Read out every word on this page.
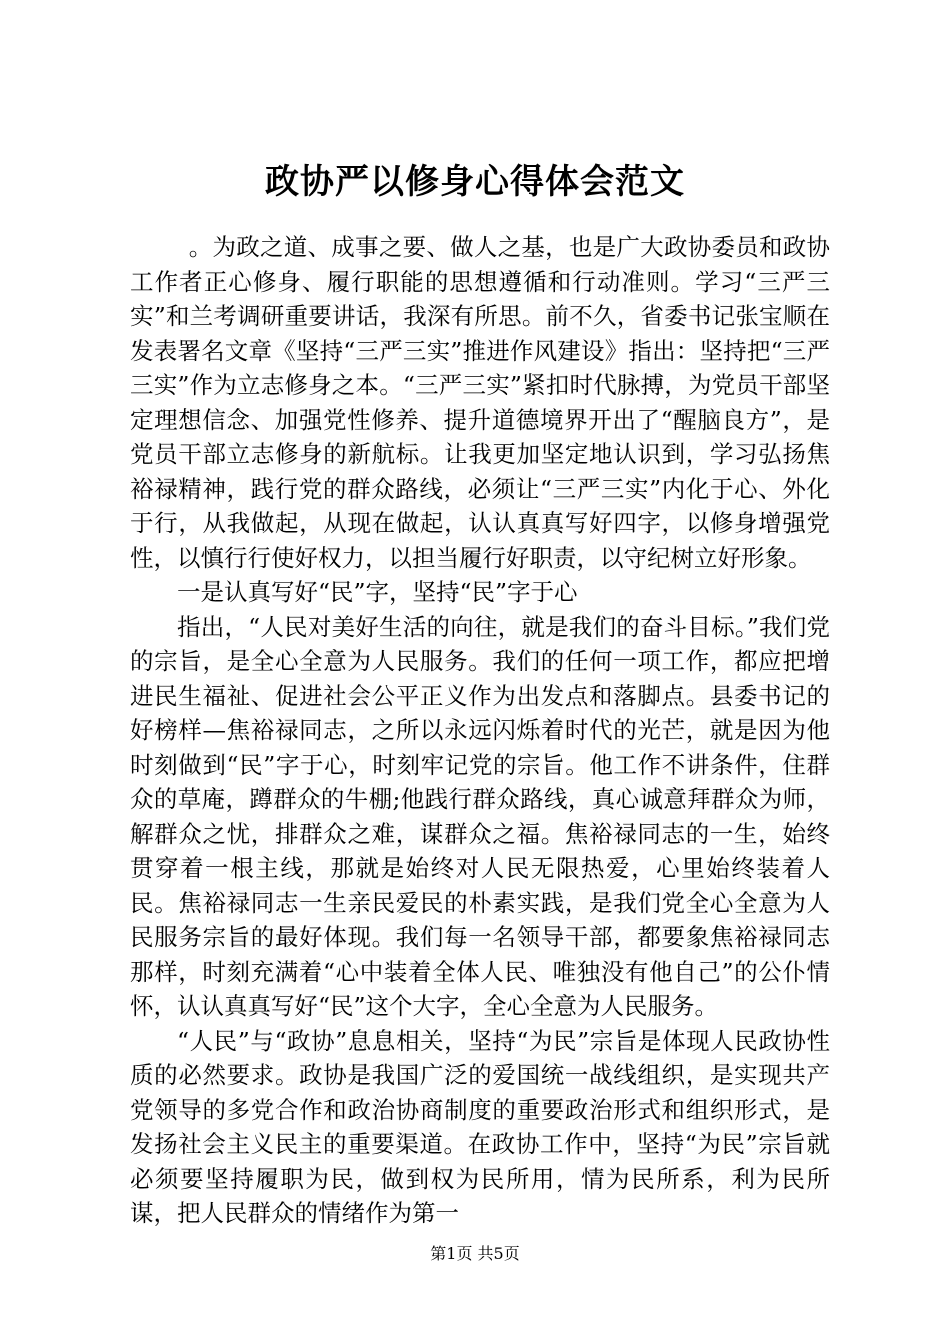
政协严以修身心得体会范文

。为政之道、成事之要、做人之基，也是广大政协委员和政协工作者正心修身、履行职能的思想遵循和行动准则。学习“三严三实”和兰考调研重要讲话，我深有所思。前不久，省委书记张宝顺在发表署名文章《坚持“三严三实”推进作风建设》指出：坚持把“三严三实”作为立志修身之本。“三严三实”紧扣时代脉搏，为党员干部坚定理想信念、加强党性修养、提升道德境界开出了“醒脑良方”，是党员干部立志修身的新航标。让我更加坚定地认识到，学习弘扬焦裕禄精神，践行党的群众路线，必须让“三严三实”内化于心、外化于行，从我做起，从现在做起，认认真真写好四字，以修身增强党性，以慎行行使好权力，以担当履行好职责，以守纪树立好形象。

一是认真写好“民”字，坚持“民”字于心

指出，“人民对美好生活的向往，就是我们的奋斗目标。”我们党的宗旨，是全心全意为人民服务。我们的任何一项工作，都应把增进民生福祉、促进社会公平正义作为出发点和落脚点。县委书记的好榜样—焦裕禄同志，之所以永远闪烁着时代的光芒，就是因为他时刻做到“民”字于心，时刻牢记党的宗旨。他工作不讲条件，住群众的草庵，蹲群众的牛棚;他践行群众路线，真心诚意拜群众为师，解群众之忧，排群众之难，谋群众之福。焦裕禄同志的一生，始终贯穿着一根主线，那就是始终对人民无限热爱，心里始终装着人民。焦裕禄同志一生亲民爱民的朴素实践，是我们党全心全意为人民服务宗旨的最好体现。我们每一名领导干部，都要象焦裕禄同志那样，时刻充满着“心中装着全体人民、唯独没有他自己”的公仆情怀，认认真真写好“民”这个大字，全心全意为人民服务。

“人民”与“政协”息息相关，坚持“为民”宗旨是体现人民政协性质的必然要求。政协是我国广泛的爱国统一战线组织，是实现共产党领导的多党合作和政治协商制度的重要政治形式和组织形式，是发扬社会主义民主的重要渠道。在政协工作中，坚持“为民”宗旨就必须要坚持履职为民，做到权为民所用，情为民所系，利为民所谋，把人民群众的情绪作为第一

第1页 共5页
